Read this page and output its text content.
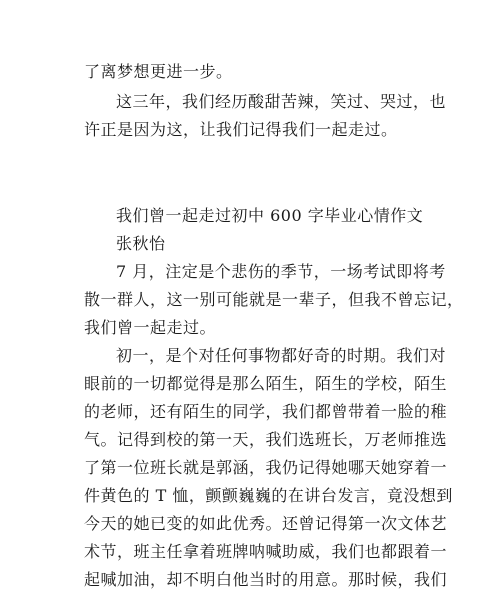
了离梦想更进一步。
这三年，我们经历酸甜苦辣，笑过、哭过，也
许正是因为这，让我们记得我们一起走过。
我们曾一起走过初中 600 字毕业心情作文
张秋怡
7 月，注定是个悲伤的季节，一场考试即将考
散一群人，这一别可能就是一辈子，但我不曾忘记，
我们曾一起走过。
初一，是个对任何事物都好奇的时期。我们对
眼前的一切都觉得是那么陌生，陌生的学校，陌生
的老师，还有陌生的同学，我们都曾带着一脸的稚
气。记得到校的第一天，我们选班长，万老师推选
了第一位班长就是郭涵，我仍记得她哪天她穿着一
件黄色的 T 恤，颤颤巍巍的在讲台发言，竟没想到
今天的她已变的如此优秀。还曾记得第一次文体艺
术节，班主任拿着班牌呐喊助威，我们也都跟着一
起喊加油，却不明白他当时的用意。那时候，我们
